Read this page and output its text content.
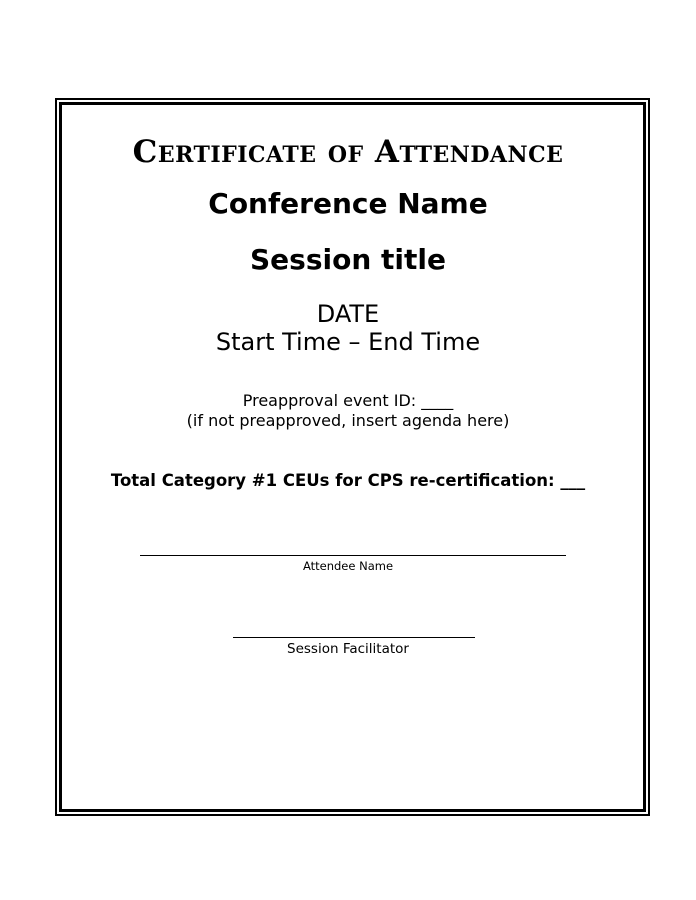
Certificate of Attendance
Conference Name
Session title
DATE
Start Time – End Time
Preapproval event ID: ____
(if not preapproved, insert agenda here)
Total Category #1 CEUs for CPS re-certification: ___
Attendee Name
Session Facilitator
